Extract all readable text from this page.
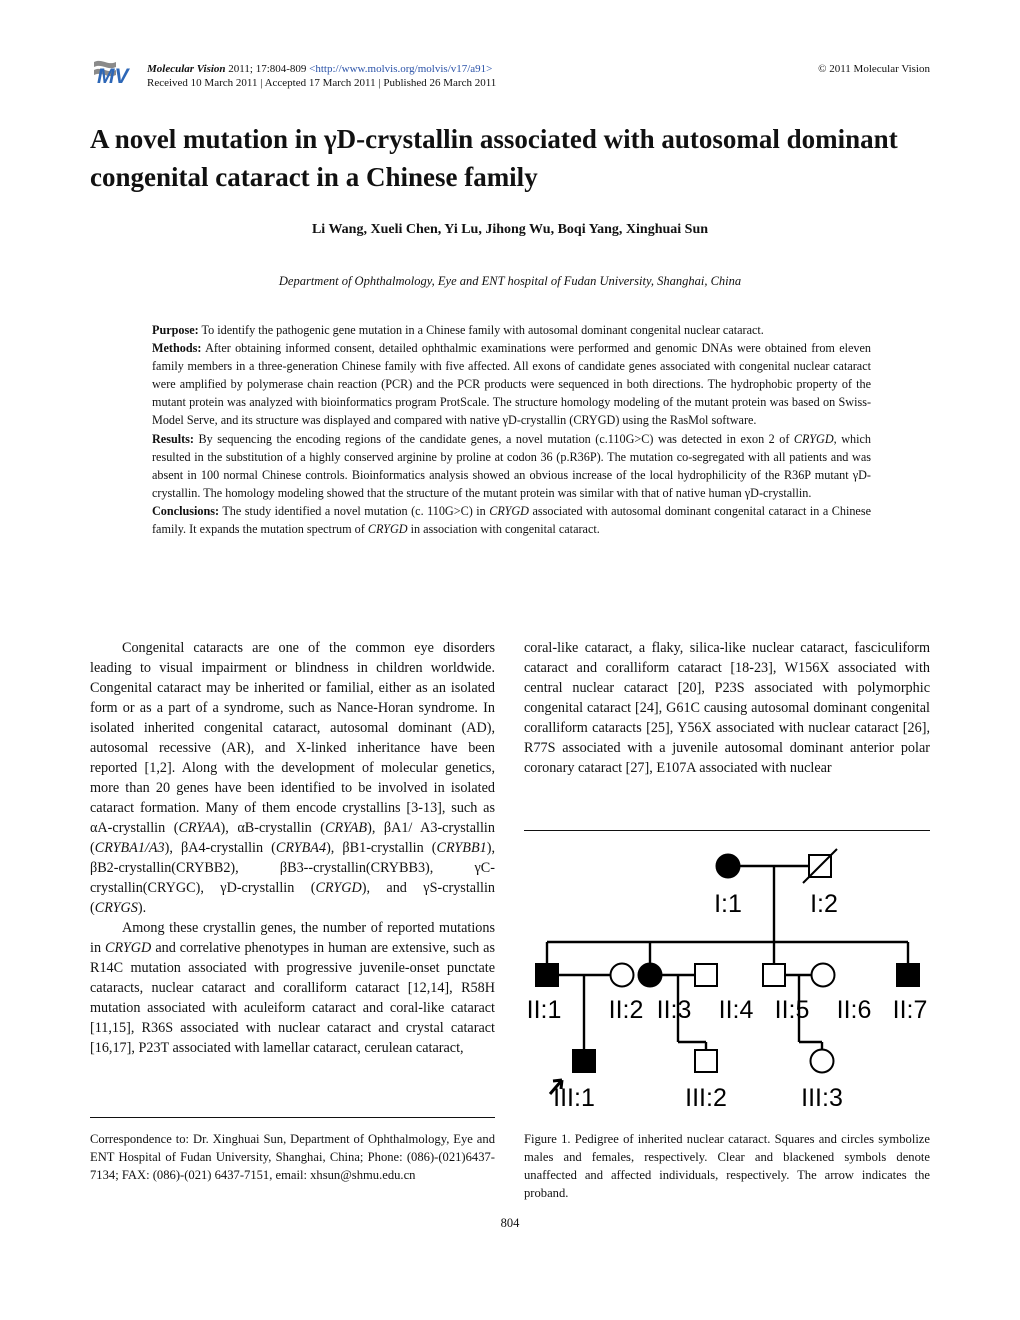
MV Molecular Vision 2011; 17:804-809 <http://www.molvis.org/molvis/v17/a91>	© 2011 Molecular Vision
Received 10 March 2011 | Accepted 17 March 2011 | Published 26 March 2011
A novel mutation in γD-crystallin associated with autosomal dominant congenital cataract in a Chinese family
Li Wang, Xueli Chen, Yi Lu, Jihong Wu, Boqi Yang, Xinghuai Sun
Department of Ophthalmology, Eye and ENT hospital of Fudan University, Shanghai, China

Purpose: To identify the pathogenic gene mutation in a Chinese family with autosomal dominant congenital nuclear cataract.

Methods: After obtaining informed consent, detailed ophthalmic examinations were performed and genomic DNAs were obtained from eleven family members in a three-generation Chinese family with five affected. All exons of candidate genes associated with congenital nuclear cataract were amplified by polymerase chain reaction (PCR) and the PCR products were sequenced in both directions. The hydrophobic property of the mutant protein was analyzed with bioinformatics program ProtScale. The structure homology modeling of the mutant protein was based on Swiss-Model Serve, and its structure was displayed and compared with native γD-crystallin (CRYGD) using the RasMol software.

Results: By sequencing the encoding regions of the candidate genes, a novel mutation (c.110G>C) was detected in exon 2 of CRYGD, which resulted in the substitution of a highly conserved arginine by proline at codon 36 (p.R36P). The mutation co-segregated with all patients and was absent in 100 normal Chinese controls. Bioinformatics analysis showed an obvious increase of the local hydrophilicity of the R36P mutant γD-crystallin. The homology modeling showed that the structure of the mutant protein was similar with that of native human γD-crystallin.

Conclusions: The study identified a novel mutation (c. 110G>C) in CRYGD associated with autosomal dominant congenital cataract in a Chinese family. It expands the mutation spectrum of CRYGD in association with congenital cataract.

Congenital cataracts are one of the common eye disorders leading to visual impairment or blindness in children worldwide. Congenital cataract may be inherited or familial, either as an isolated form or as a part of a syndrome, such as Nance-Horan syndrome. In isolated inherited congenital cataract, autosomal dominant (AD), autosomal recessive (AR), and X-linked inheritance have been reported [1,2]. Along with the development of molecular genetics, more than 20 genes have been identified to be involved in isolated cataract formation. Many of them encode crystallins [3-13], such as αA-crystallin (CRYAA), αB-crystallin (CRYAB), βA1/ A3-crystallin (CRYBA1/A3), βA4-crystallin (CRYBA4), βB1-crystallin (CRYBB1), βB2-crystallin(CRYBB2), βB3--crystallin(CRYBB3), γC-crystallin(CRYGC), γD-crystallin (CRYGD), and γS-crystallin (CRYGS).

Among these crystallin genes, the number of reported mutations in CRYGD and correlative phenotypes in human are extensive, such as R14C mutation associated with progressive juvenile-onset punctate cataracts, nuclear cataract and coralliform cataract [12,14], R58H mutation associated with aculeiform cataract and coral-like cataract [11,15], R36S associated with nuclear cataract and crystal cataract [16,17], P23T associated with lamellar cataract, cerulean cataract,

coral-like cataract, a flaky, silica-like nuclear cataract, fasciculiform cataract and coralliform cataract [18-23], W156X associated with central nuclear cataract [20], P23S associated with polymorphic congenital cataract [24], G61C causing autosomal dominant congenital coralliform cataracts [25], Y56X associated with nuclear cataract [26], R77S associated with a juvenile autosomal dominant anterior polar coronary cataract [27], E107A associated with nuclear

I:1	I:2
II:1 II:2 II:3 II:4 II:5 II:6 II:7
III:1	III:2	III:3
Correspondence to: Dr. Xinghuai Sun, Department of Ophthalmology, Eye and ENT Hospital of Fudan University, Shanghai, China; Phone: (086)-(021)6437-7134; FAX: (086)-(021) 6437-7151, email: xhsun@shmu.edu.cn
Figure 1. Pedigree of inherited nuclear cataract. Squares and circles symbolize males and females, respectively. Clear and blackened symbols denote unaffected and affected individuals, respectively. The arrow indicates the proband.
804
